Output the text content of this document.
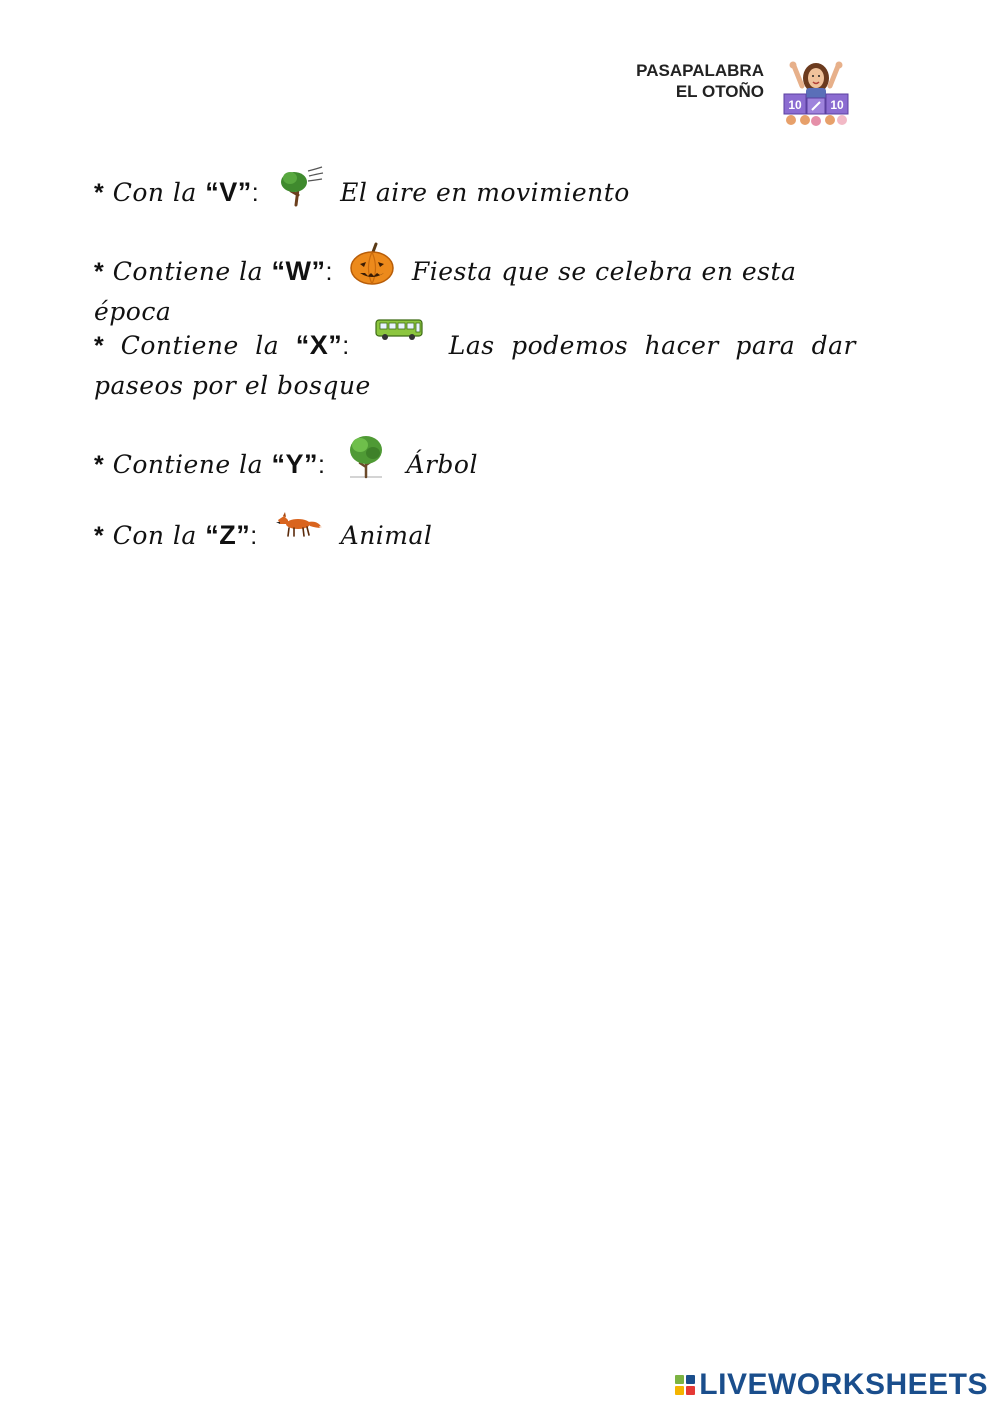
PASAPALABRA
EL OTOÑO
10 10
* Con la “V”:	El aire en movimiento
* Contiene la “W”:	Fiesta que se celebra en esta época
* Contiene la “X”:	Las podemos hacer para dar paseos por el bosque
* Contiene la “Y”:	Árbol
* Con la “Z”:	Animal
LIVEWORKSHEETS
